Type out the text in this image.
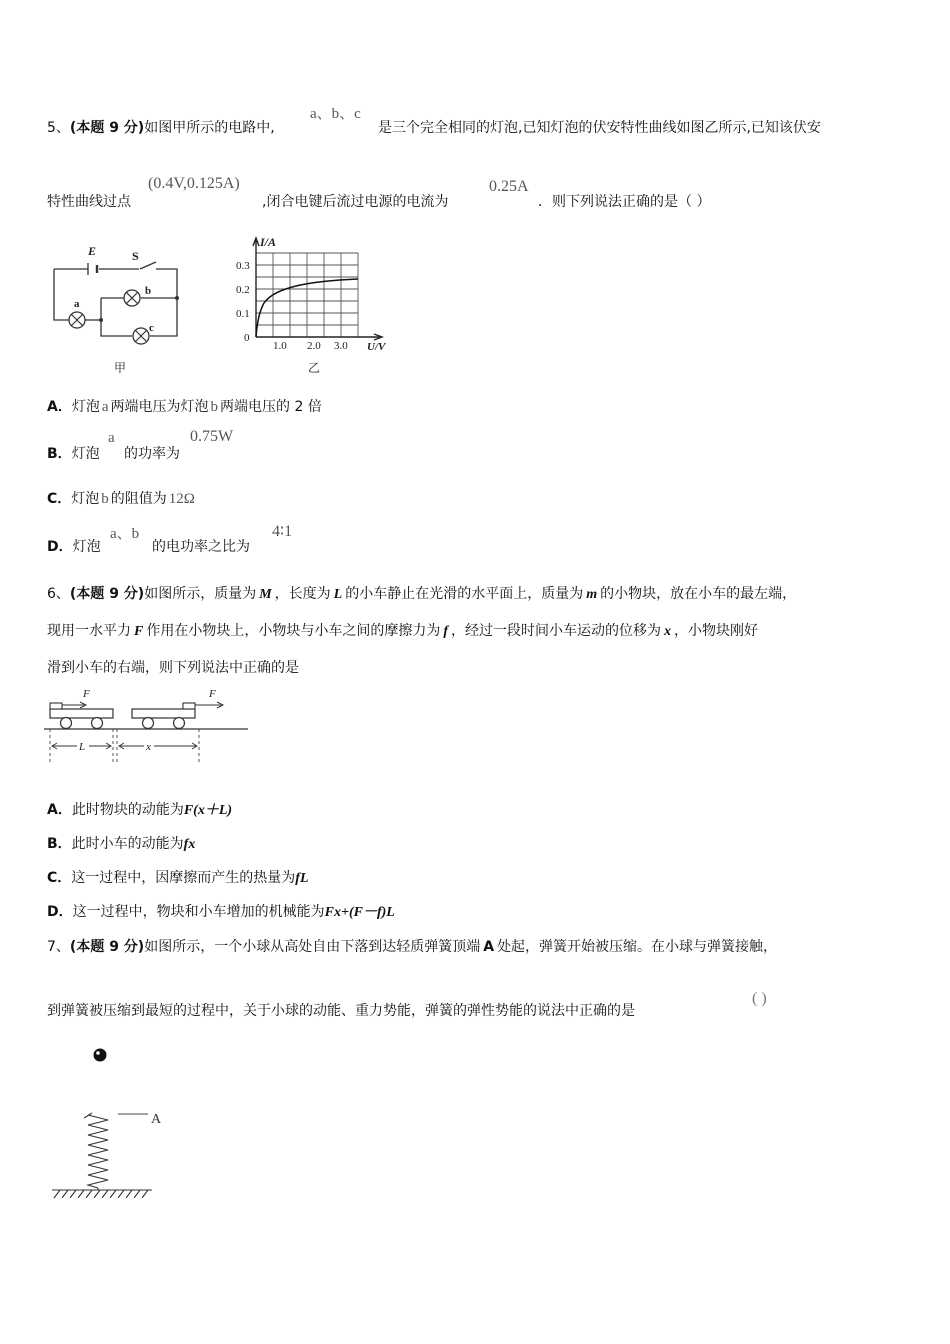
5、(本题 9 分)如图甲所示的电路中,
a、b、c
是三个完全相同的灯泡,已知灯泡的伏安特性曲线如图乙所示,已知该伏安
特性曲线过点
(0.4V,0.125A)
,闭合电键后流过电源的电流为
0.25A
．则下列说法正确的是（ ）
E	S
a
b
c
甲
I/A
0.3
0.2
0.1
0
1.0 2.0 3.0 U/V
乙
A．灯泡 a 两端电压为灯泡 b 两端电压的 2 倍
B．灯泡
a
的功率为
0.75W
C．灯泡 b 的阻值为 12Ω
D．灯泡
a、b
的电功率之比为
4∶1
6、(本题 9 分)如图所示，质量为 M ，长度为 L 的小车静止在光滑的水平面上，质量为 m 的小物块，放在小车的最左端，
现用一水平力 F 作用在小物块上，小物块与小车之间的摩擦力为 f ，经过一段时间小车运动的位移为 x ，小物块刚好
滑到小车的右端，则下列说法中正确的是
F	F
L	x
A．此时物块的动能为F(x＋L)
B．此时小车的动能为fx
C．这一过程中，因摩擦而产生的热量为fL
D．这一过程中，物块和小车增加的机械能为Fx+(F－f)L
7、(本题 9 分)如图所示，一个小球从高处自由下落到达轻质弹簧顶端 A 处起，弹簧开始被压缩。在小球与弹簧接触，
到弹簧被压缩到最短的过程中，关于小球的动能、重力势能，弹簧的弹性势能的说法中正确的是
( )
A
